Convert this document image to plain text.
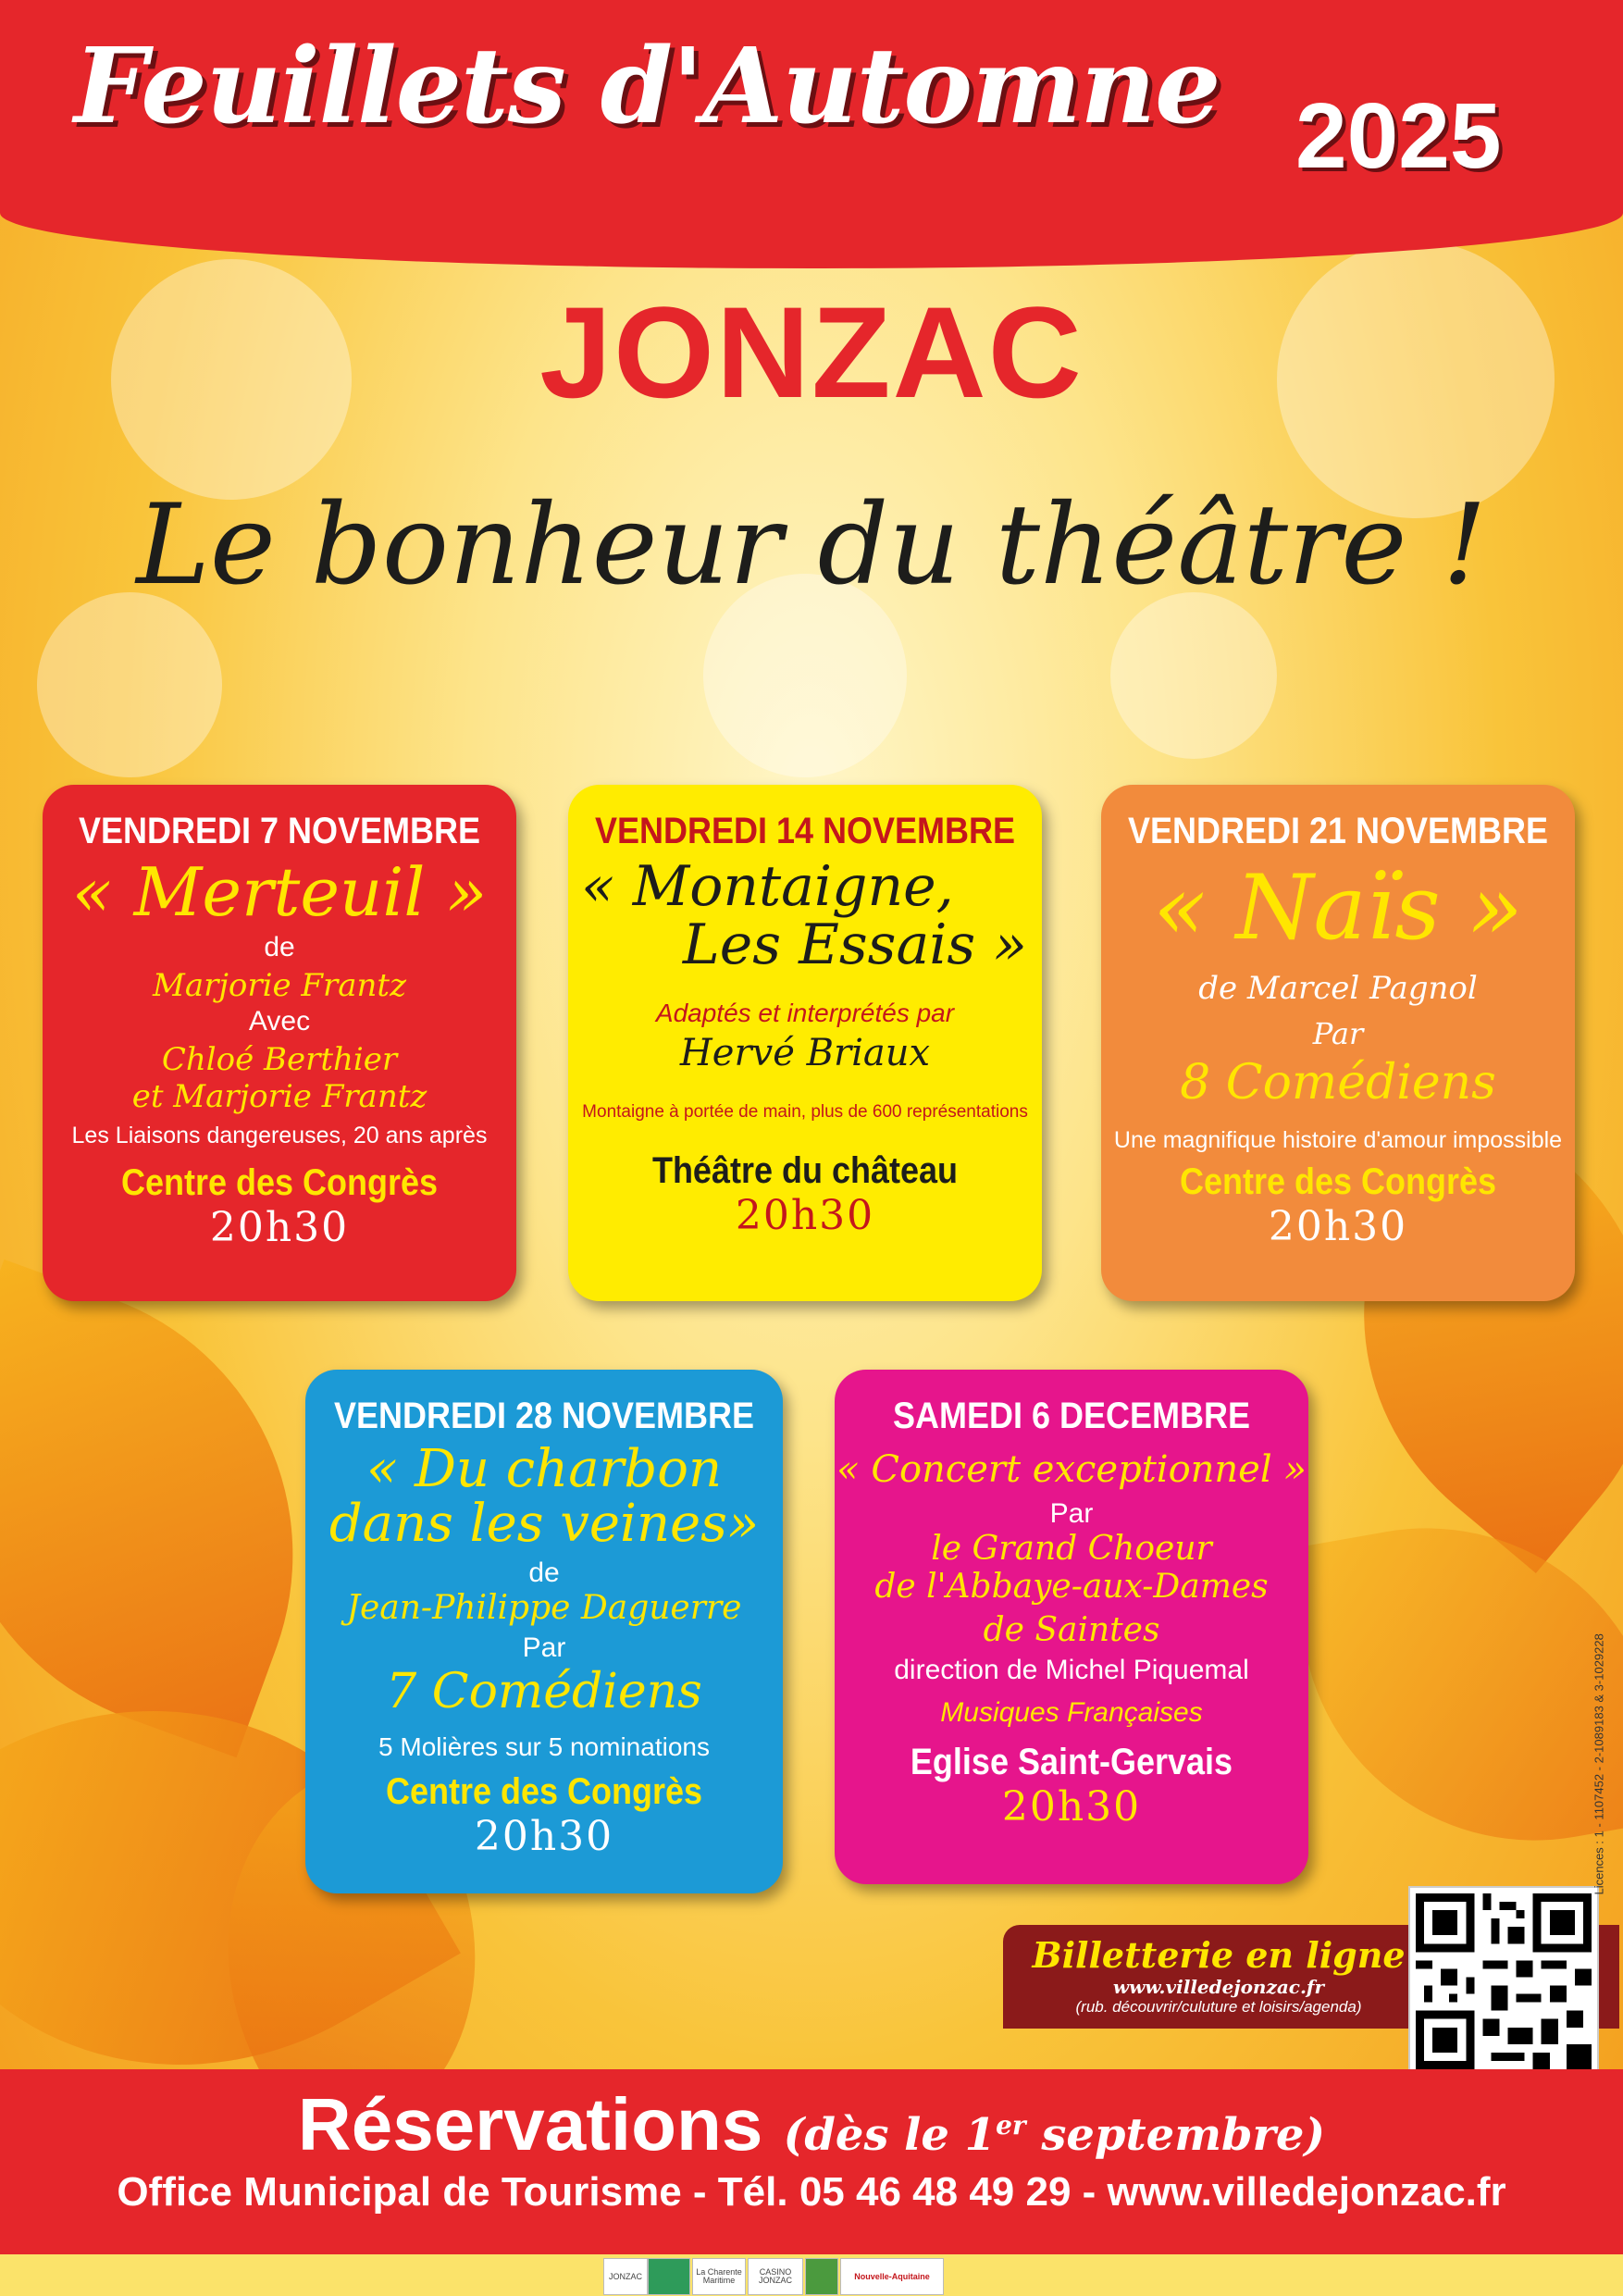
Feuillets d'Automne 2025
JONZAC
Le bonheur du théâtre !
VENDREDI 7 NOVEMBRE
« Merteuil »
de
Marjorie Frantz
Avec
Chloé Berthier
et Marjorie Frantz
Les Liaisons dangereuses, 20 ans après
Centre des Congrès
20h30
VENDREDI 14 NOVEMBRE
« Montaigne,
Les Essais »
Adaptés et interprétés par
Hervé Briaux
Montaigne à portée de main, plus de 600 représentations
Théâtre du château
20h30
VENDREDI 21 NOVEMBRE
« Naïs »
de Marcel Pagnol
Par
8 Comédiens
Une magnifique histoire d'amour impossible
Centre des Congrès
20h30
VENDREDI 28 NOVEMBRE
« Du charbon
dans les veines»
de
Jean-Philippe Daguerre
Par
7 Comédiens
5 Molières sur 5 nominations
Centre des Congrès
20h30
SAMEDI 6 DECEMBRE
« Concert exceptionnel »
Par
le Grand Choeur
de l'Abbaye-aux-Dames
de Saintes
direction de Michel Piquemal
Musiques Françaises
Eglise Saint-Gervais
20h30
Billetterie en ligne
www.villedejonzac.fr
(rub. découvrir/culuture et loisirs/agenda)
Licences : 1 - 1107452 - 2-1089183 & 3-1029228
Réservations (dès le 1er septembre)
Office Municipal de Tourisme - Tél. 05 46 48 49 29 - www.villedejonzac.fr
JONZAC	La Charente Maritime
CASINO JONZAC	Nouvelle-Aquitaine
